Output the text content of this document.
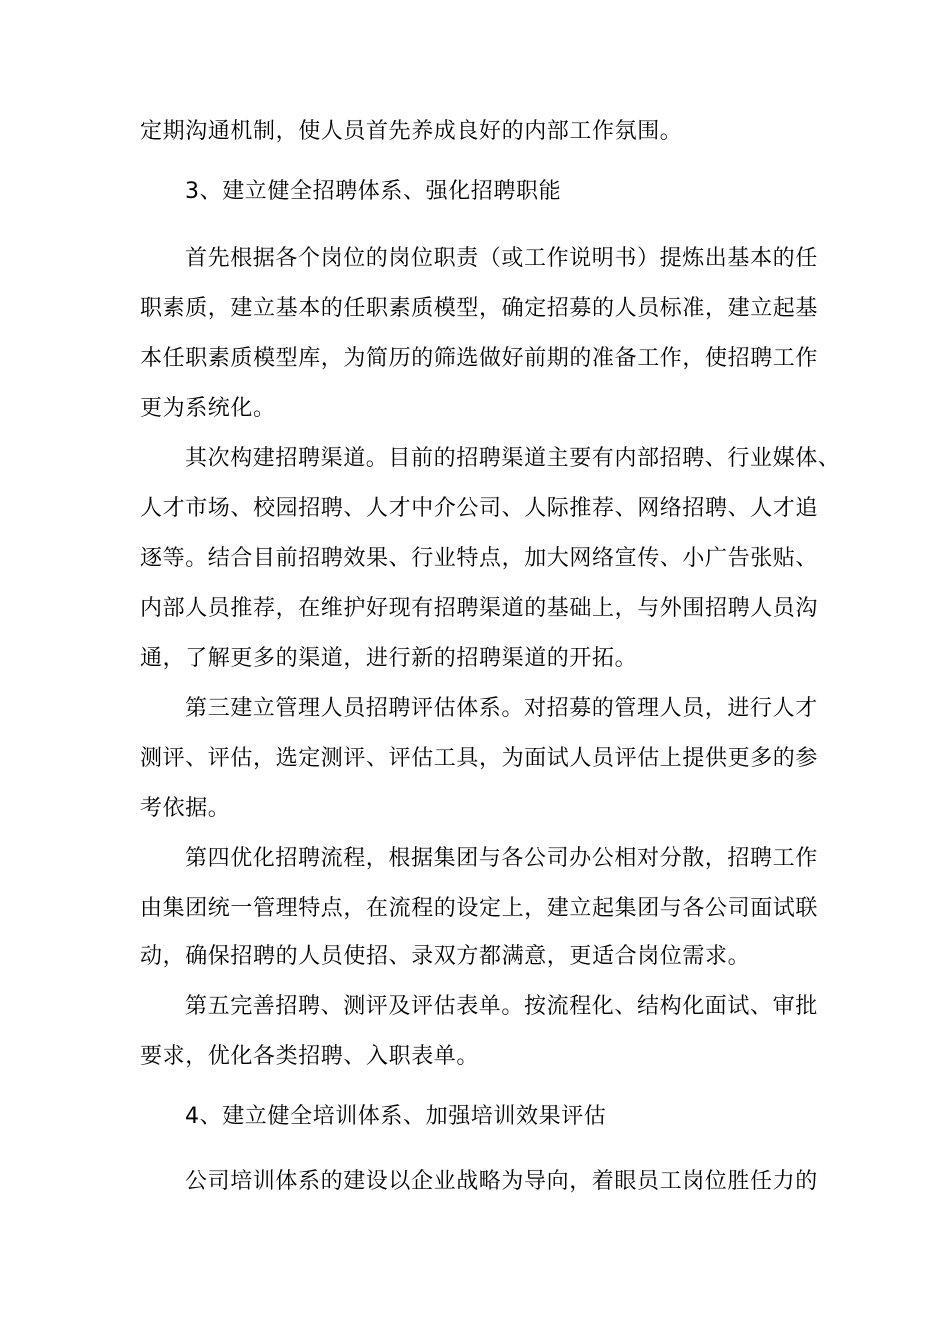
定期沟通机制，使人员首先养成良好的内部工作氛围。
3、建立健全招聘体系、强化招聘职能
首先根据各个岗位的岗位职责（或工作说明书）提炼出基本的任
职素质，建立基本的任职素质模型，确定招募的人员标准，建立起基
本任职素质模型库，为简历的筛选做好前期的准备工作，使招聘工作
更为系统化。
其次构建招聘渠道。目前的招聘渠道主要有内部招聘、行业媒体、
人才市场、校园招聘、人才中介公司、人际推荐、网络招聘、人才追
逐等。结合目前招聘效果、行业特点，加大网络宣传、小广告张贴、
内部人员推荐，在维护好现有招聘渠道的基础上，与外围招聘人员沟
通，了解更多的渠道，进行新的招聘渠道的开拓。
第三建立管理人员招聘评估体系。对招募的管理人员，进行人才
测评、评估，选定测评、评估工具，为面试人员评估上提供更多的参
考依据。
第四优化招聘流程，根据集团与各公司办公相对分散，招聘工作
由集团统一管理特点，在流程的设定上，建立起集团与各公司面试联
动，确保招聘的人员使招、录双方都满意，更适合岗位需求。
第五完善招聘、测评及评估表单。按流程化、结构化面试、审批
要求，优化各类招聘、入职表单。
4、建立健全培训体系、加强培训效果评估
公司培训体系的建设以企业战略为导向，着眼员工岗位胜任力的
